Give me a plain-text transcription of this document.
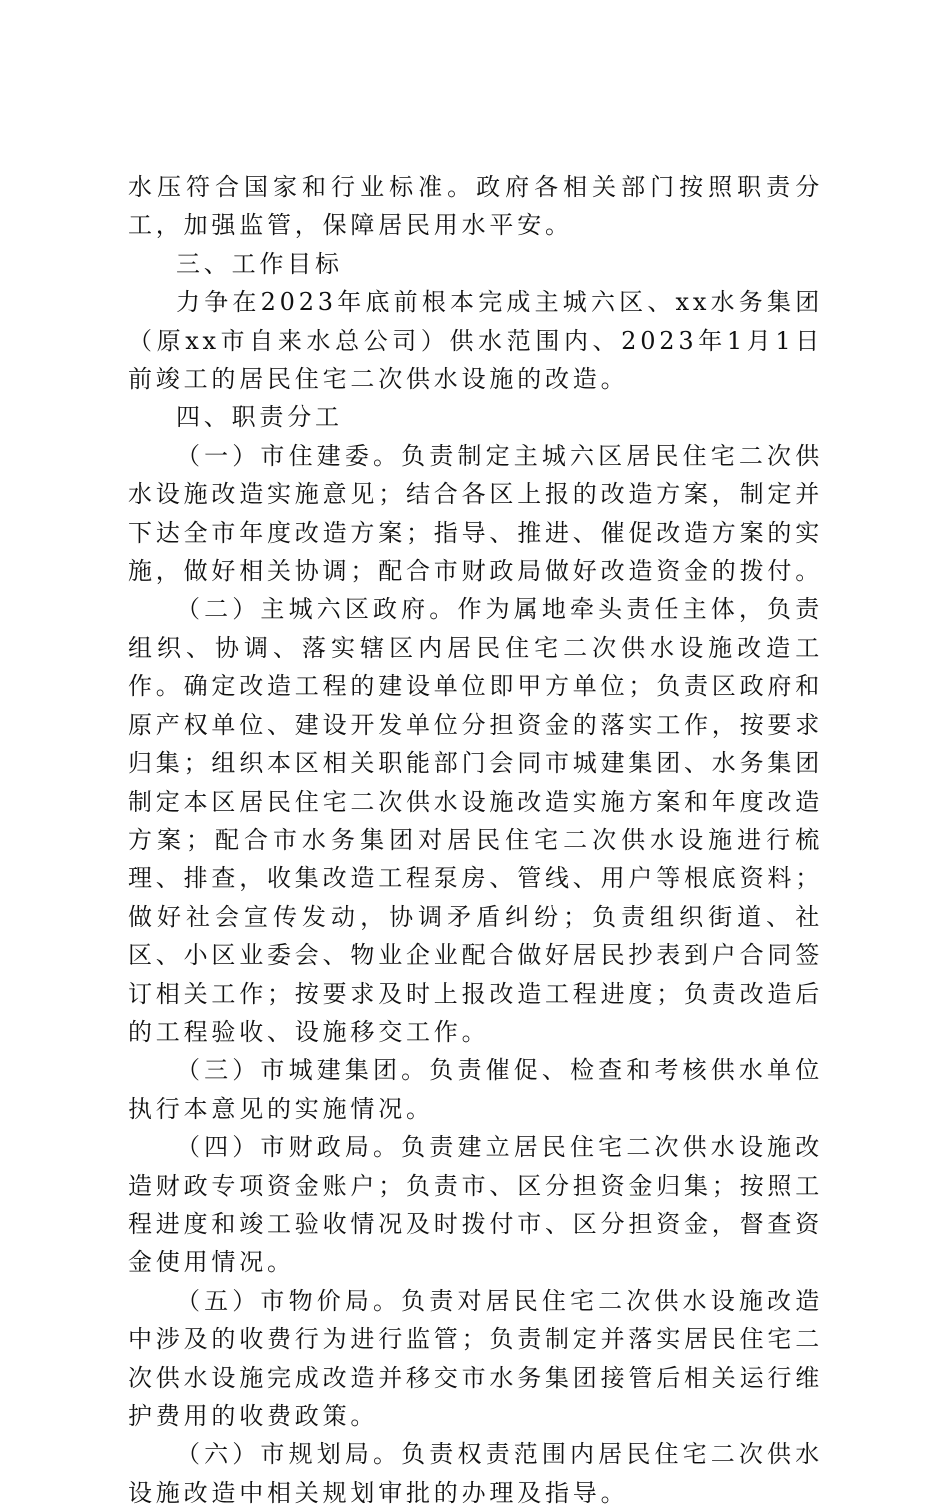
水压符合国家和行业标准。政府各相关部门按照职责分工，加强监管，保障居民用水平安。

三、工作目标

力争在2023年底前根本完成主城六区、xx水务集团（原xx市自来水总公司）供水范围内、2023年1月1日前竣工的居民住宅二次供水设施的改造。

四、职责分工

（一）市住建委。负责制定主城六区居民住宅二次供水设施改造实施意见；结合各区上报的改造方案，制定并下达全市年度改造方案；指导、推进、催促改造方案的实施，做好相关协调；配合市财政局做好改造资金的拨付。

（二）主城六区政府。作为属地牵头责任主体，负责组织、协调、落实辖区内居民住宅二次供水设施改造工作。确定改造工程的建设单位即甲方单位；负责区政府和原产权单位、建设开发单位分担资金的落实工作，按要求归集；组织本区相关职能部门会同市城建集团、水务集团制定本区居民住宅二次供水设施改造实施方案和年度改造方案；配合市水务集团对居民住宅二次供水设施进行梳理、排查，收集改造工程泵房、管线、用户等根底资料；做好社会宣传发动，协调矛盾纠纷；负责组织街道、社区、小区业委会、物业企业配合做好居民抄表到户合同签订相关工作；按要求及时上报改造工程进度；负责改造后的工程验收、设施移交工作。

（三）市城建集团。负责催促、检查和考核供水单位执行本意见的实施情况。

（四）市财政局。负责建立居民住宅二次供水设施改造财政专项资金账户；负责市、区分担资金归集；按照工程进度和竣工验收情况及时拨付市、区分担资金，督查资金使用情况。

（五）市物价局。负责对居民住宅二次供水设施改造中涉及的收费行为进行监管；负责制定并落实居民住宅二次供水设施完成改造并移交市水务集团接管后相关运行维护费用的收费政策。

（六）市规划局。负责权责范围内居民住宅二次供水设施改造中相关规划审批的办理及指导。
